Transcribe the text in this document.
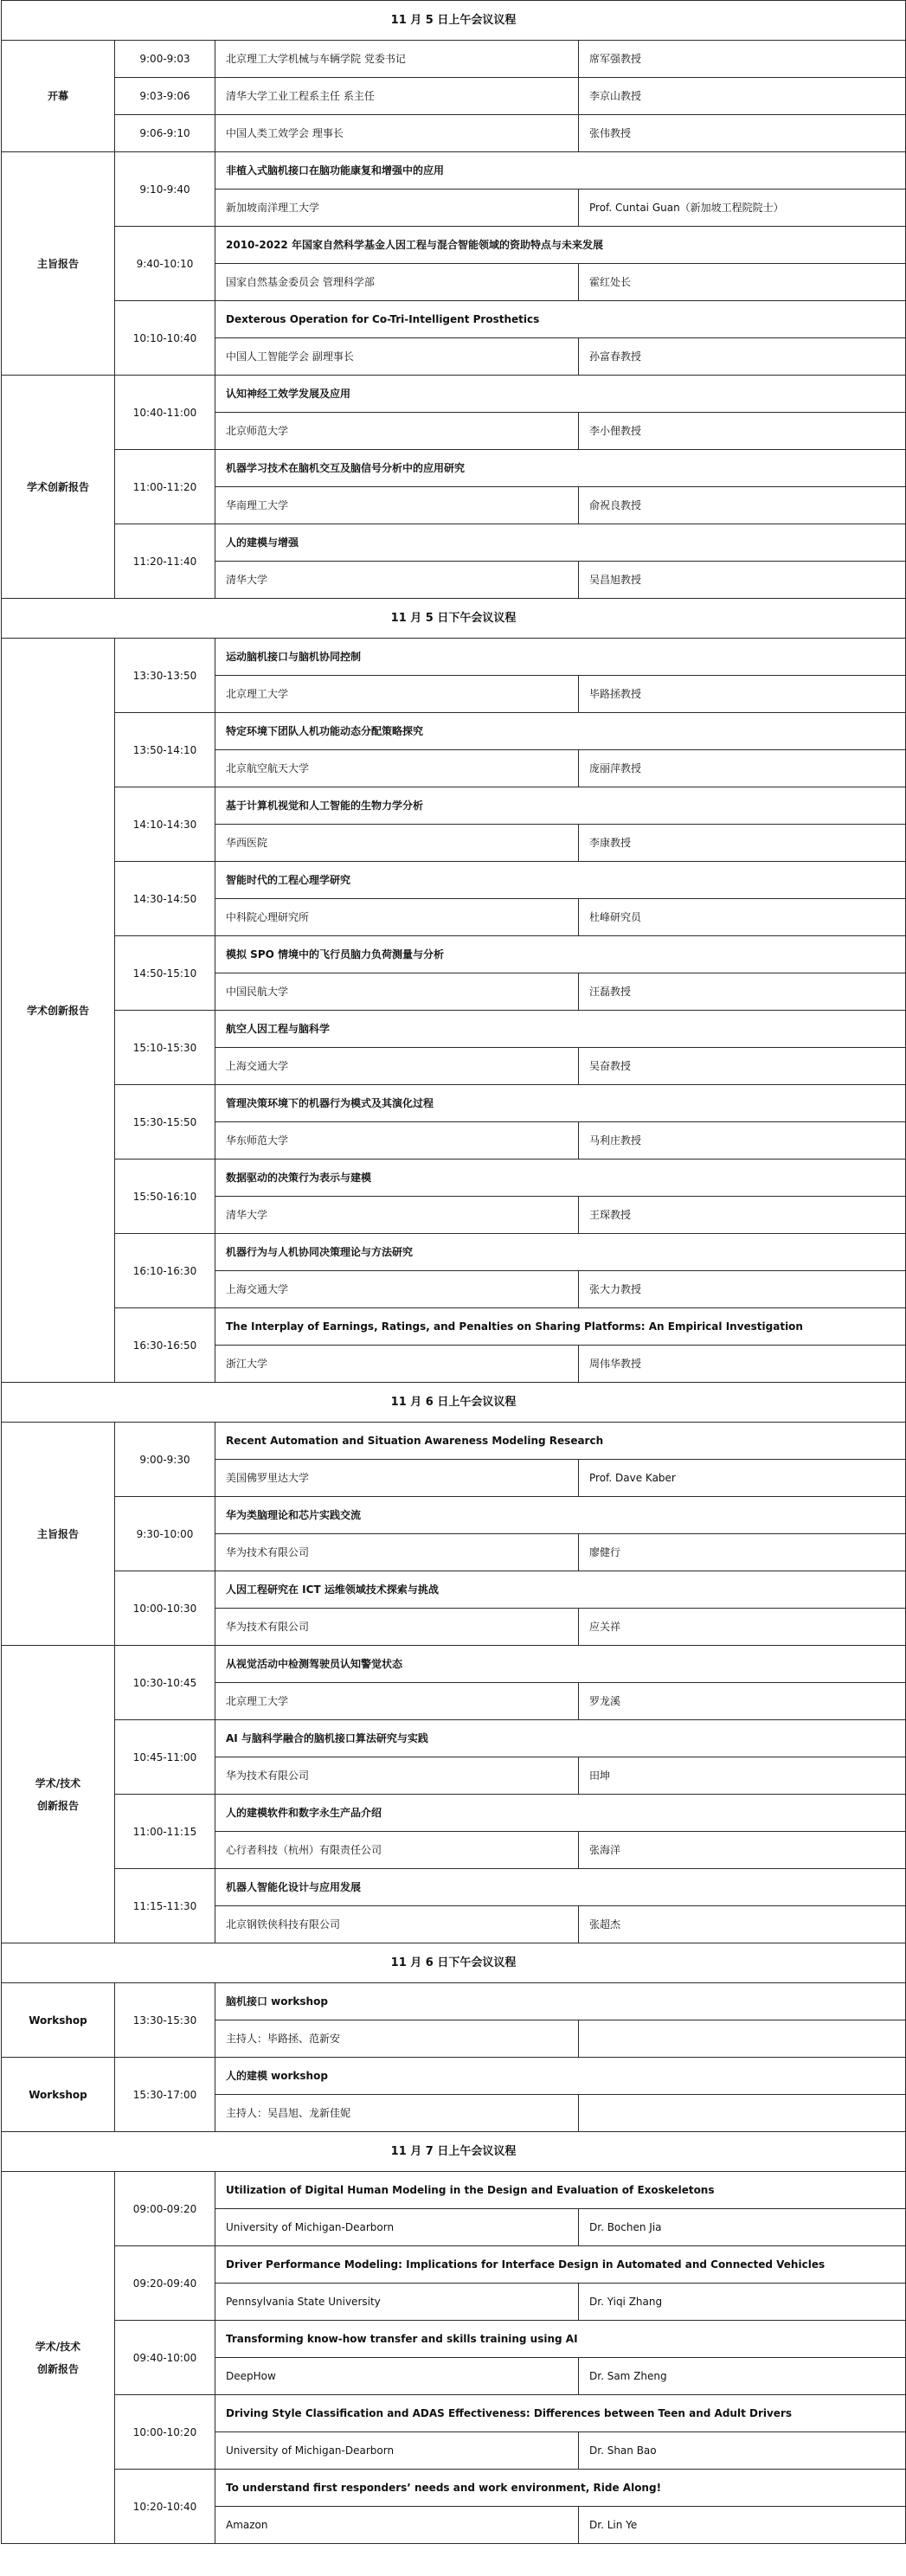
11 月 5 日上午会议议程			

开幕	9:00-9:03	北京理工大学机械与车辆学院 党委书记	席军强教授
	9:03-9:06	清华大学工业工程系主任 系主任	李京山教授
	9:06-9:10	中国人类工效学会 理事长	张伟教授

主旨报告	9:10-9:40	非植入式脑机接口在脑功能康复和增强中的应用	
		新加坡南洋理工大学	Prof. Cuntai Guan（新加坡工程院院士）
	9:40-10:10	2010-2022 年国家自然科学基金人因工程与混合智能领域的资助特点与未来发展	
		国家自然基金委员会 管理科学部	霍红处长
	10:10-10:40	Dexterous Operation for Co-Tri-Intelligent Prosthetics	
		中国人工智能学会 副理事长	孙富春教授

学术创新报告	10:40-11:00	认知神经工效学发展及应用	
		北京师范大学	李小俚教授
	11:00-11:20	机器学习技术在脑机交互及脑信号分析中的应用研究	
		华南理工大学	俞祝良教授
	11:20-11:40	人的建模与增强	
		清华大学	吴昌旭教授
11 月 5 日下午会议议程			

学术创新报告	13:30-13:50	运动脑机接口与脑机协同控制	
		北京理工大学	毕路拯教授
	13:50-14:10	特定环境下团队人机功能动态分配策略探究	
		北京航空航天大学	庞丽萍教授
	14:10-14:30	基于计算机视觉和人工智能的生物力学分析	
		华西医院	李康教授
	14:30-14:50	智能时代的工程心理学研究	
		中科院心理研究所	杜峰研究员
	14:50-15:10	模拟 SPO 情境中的飞行员脑力负荷测量与分析	
		中国民航大学	汪磊教授
	15:10-15:30	航空人因工程与脑科学	
		上海交通大学	吴奋教授
	15:30-15:50	管理决策环境下的机器行为模式及其演化过程	
		华东师范大学	马利庄教授
	15:50-16:10	数据驱动的决策行为表示与建模	
		清华大学	王琛教授
	16:10-16:30	机器行为与人机协同决策理论与方法研究	
		上海交通大学	张大力教授
	16:30-16:50	The Interplay of Earnings, Ratings, and Penalties on Sharing Platforms: An Empirical Investigation	
		浙江大学	周伟华教授
11 月 6 日上午会议议程			

主旨报告	9:00-9:30	Recent Automation and Situation Awareness Modeling Research	
		美国佛罗里达大学	Prof. Dave Kaber
	9:30-10:00	华为类脑理论和芯片实践交流	
		华为技术有限公司	廖健行
	10:00-10:30	人因工程研究在 ICT 运维领域技术探索与挑战	
		华为技术有限公司	应关祥

学术/技术
创新报告	10:30-10:45	从视觉活动中检测驾驶员认知警觉状态	
		北京理工大学	罗龙溪
	10:45-11:00	AI 与脑科学融合的脑机接口算法研究与实践	
		华为技术有限公司	田坤
	11:00-11:15	人的建模软件和数字永生产品介绍	
		心行者科技（杭州）有限责任公司	张海洋
	11:15-11:30	机器人智能化设计与应用发展	
		北京钢铁侠科技有限公司	张超杰
11 月 6 日下午会议议程			

Workshop	13:30-15:30	脑机接口 workshop	
		主持人：毕路拯、范新安	

Workshop	15:30-17:00	人的建模 workshop	
		主持人：吴昌旭、龙新佳妮	
11 月 7 日上午会议议程			

学术/技术
创新报告	09:00-09:20	Utilization of Digital Human Modeling in the Design and Evaluation of Exoskeletons	
		University of Michigan-Dearborn	Dr. Bochen Jia
	09:20-09:40	Driver Performance Modeling: Implications for Interface Design in Automated and Connected Vehicles	
		Pennsylvania State University	Dr. Yiqi Zhang
	09:40-10:00	Transforming know-how transfer and skills training using AI	
		DeepHow	Dr. Sam Zheng
	10:00-10:20	Driving Style Classification and ADAS Effectiveness: Differences between Teen and Adult Drivers	
		University of Michigan-Dearborn	Dr. Shan Bao
	10:20-10:40	To understand first responders’ needs and work environment, Ride Along!	
		Amazon	Dr. Lin Ye
